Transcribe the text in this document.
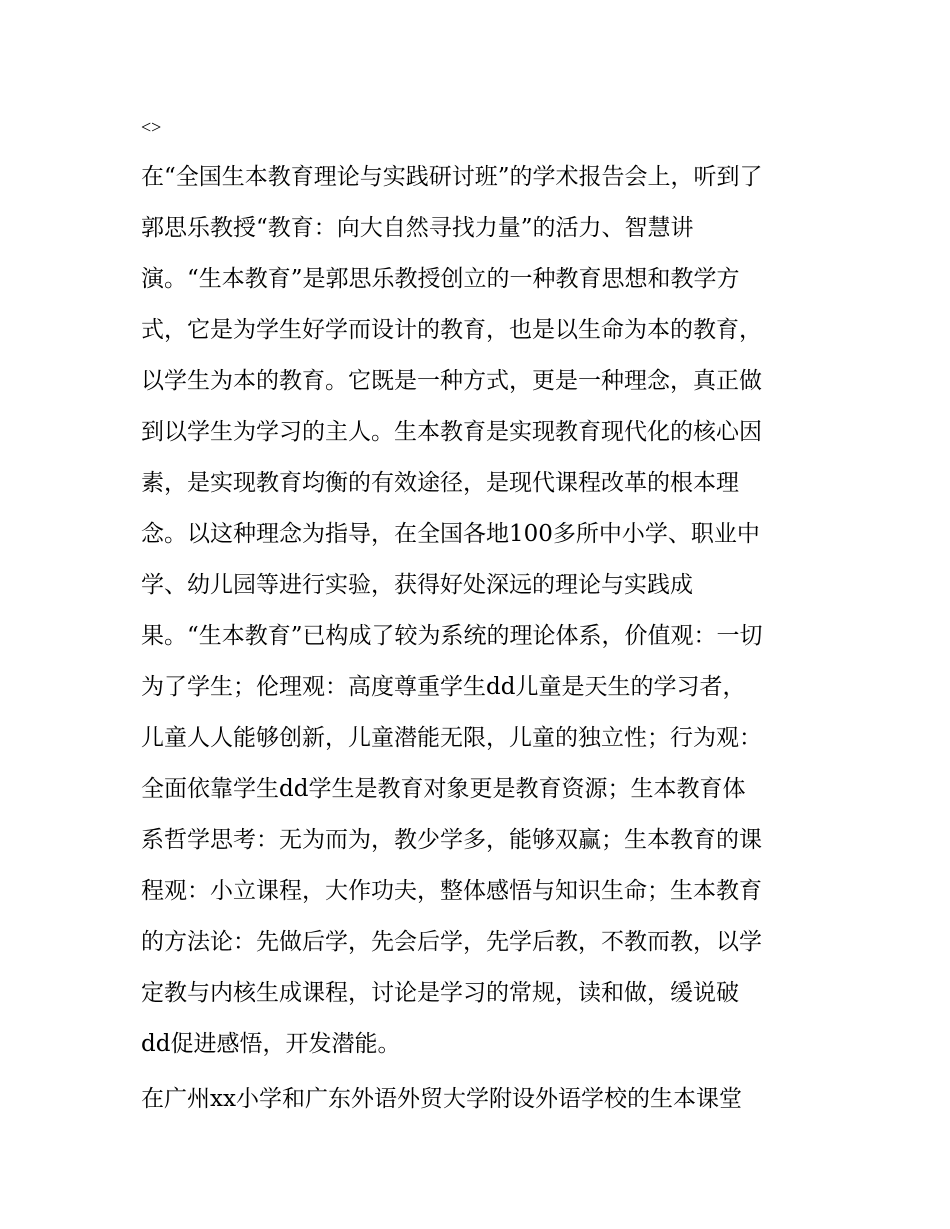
<>
在“全国生本教育理论与实践研讨班”的学术报告会上，听到了
郭思乐教授“教育：向大自然寻找力量”的活力、智慧讲
演。“生本教育”是郭思乐教授创立的一种教育思想和教学方
式，它是为学生好学而设计的教育，也是以生命为本的教育，
以学生为本的教育。它既是一种方式，更是一种理念，真正做
到以学生为学习的主人。生本教育是实现教育现代化的核心因
素，是实现教育均衡的有效途径，是现代课程改革的根本理
念。以这种理念为指导，在全国各地100多所中小学、职业中
学、幼儿园等进行实验，获得好处深远的理论与实践成
果。“生本教育”已构成了较为系统的理论体系，价值观：一切
为了学生；伦理观：高度尊重学生dd儿童是天生的学习者，
儿童人人能够创新，儿童潜能无限，儿童的独立性；行为观：
全面依靠学生dd学生是教育对象更是教育资源；生本教育体
系哲学思考：无为而为，教少学多，能够双赢；生本教育的课
程观：小立课程，大作功夫，整体感悟与知识生命；生本教育
的方法论：先做后学，先会后学，先学后教，不教而教，以学
定教与内核生成课程，讨论是学习的常规，读和做，缓说破
dd促进感悟，开发潜能。
在广州xx小学和广东外语外贸大学附设外语学校的生本课堂
